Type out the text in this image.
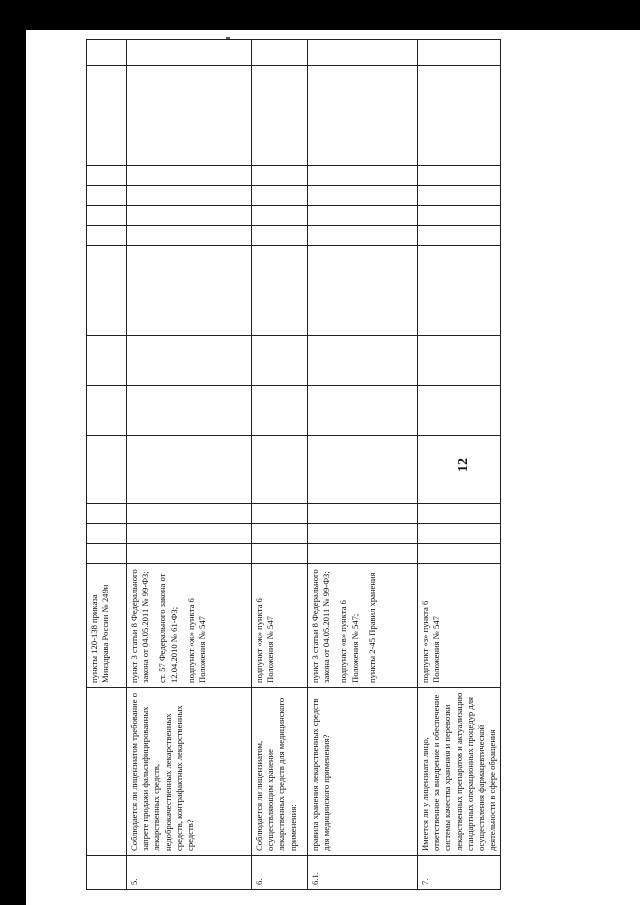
		пункты 120-138 приказа Минздрава России № 249н													

5.	Соблюдается ли лицензиатом требование о запрете продажи фальсифицированных лекарственных средств, недоброкачественных лекарственных средств, контрафактных лекарственных средств?	пункт 3 статьи 8 Федерального закона от 04.05.2011 № 99-ФЗ; ст. 57 Федерального закона от 12.04.2010 № 61-ФЗ; подпункт «ж» пункта 6 Положения № 547													

6.	Соблюдается ли лицензиатом, осуществляющим хранение лекарственных средств для медицинского применения:	подпункт «ж» пункта 6 Положения № 547													

6.1.	правила хранения лекарственных средств для медицинского применения?	пункт 3 статьи 8 Федерального закона от 04.05.2011 № 99-ФЗ; подпункт «в» пункта 6 Положения № 547; пункты 2-45 Правил хранения													

7.	Имеется ли у лицензиата лицо, ответственное за внедрение и обеспечение системы качества хранения и перевозки лекарственных препаратов и актуализацию стандартных операционных процедур для осуществления фармацевтической деятельности в сфере обращения	подпункт «з» пункта 6 Положения № 547													

12
